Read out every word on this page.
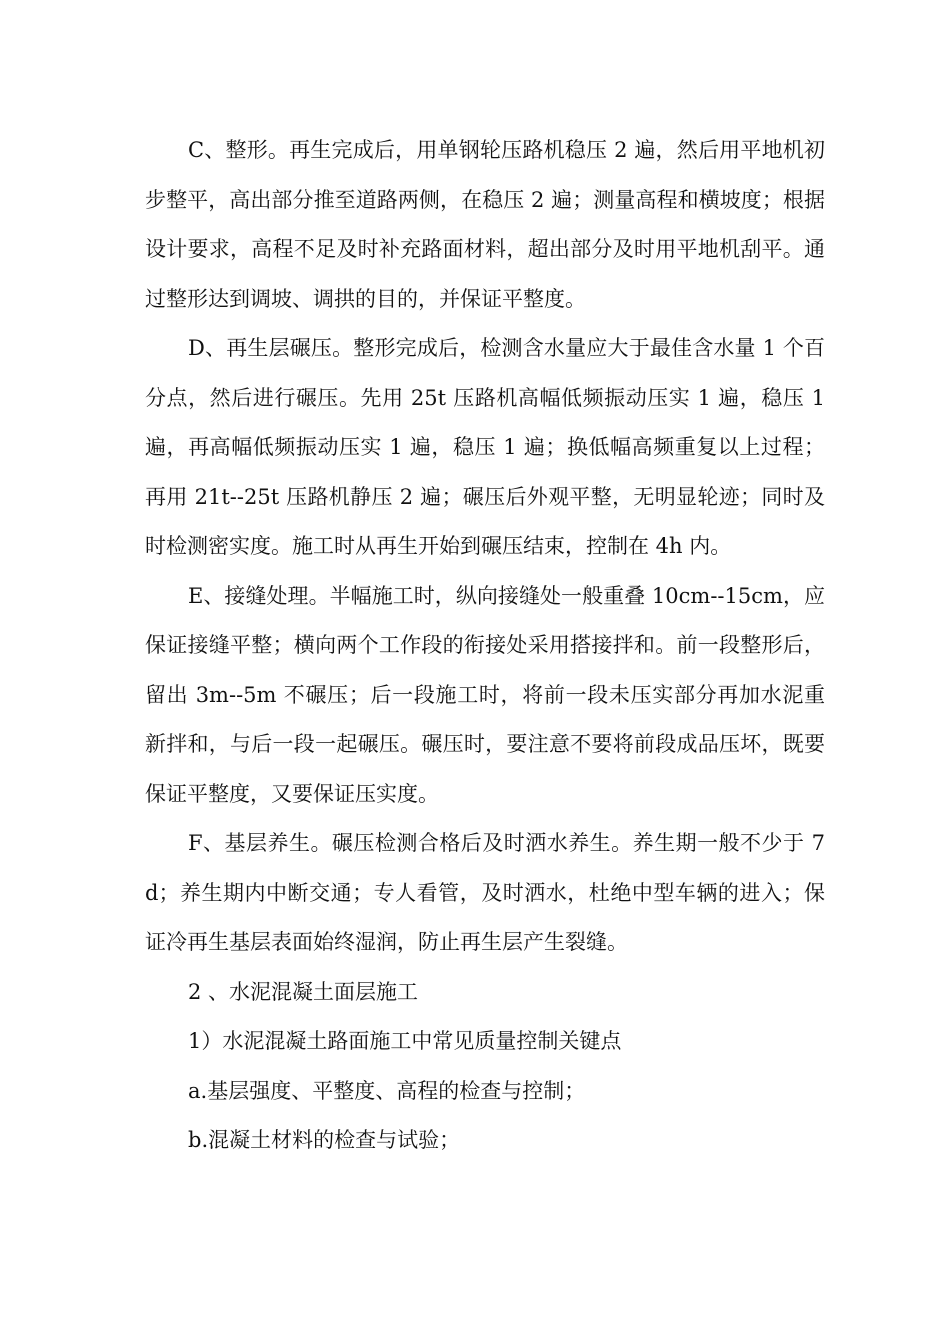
C、整形。再生完成后，用单钢轮压路机稳压 2 遍，然后用平地机初步整平，高出部分推至道路两侧，在稳压 2 遍；测量高程和横坡度；根据设计要求，高程不足及时补充路面材料，超出部分及时用平地机刮平。通过整形达到调坡、调拱的目的，并保证平整度。

D、再生层碾压。整形完成后，检测含水量应大于最佳含水量 1 个百分点，然后进行碾压。先用 25t 压路机高幅低频振动压实 1 遍，稳压 1 遍，再高幅低频振动压实 1 遍，稳压 1 遍；换低幅高频重复以上过程；再用 21t--25t 压路机静压 2 遍；碾压后外观平整，无明显轮迹；同时及时检测密实度。施工时从再生开始到碾压结束，控制在 4h 内。

E、接缝处理。半幅施工时，纵向接缝处一般重叠 10cm--15cm，应保证接缝平整；横向两个工作段的衔接处采用搭接拌和。前一段整形后，留出 3m--5m 不碾压；后一段施工时，将前一段未压实部分再加水泥重新拌和，与后一段一起碾压。碾压时，要注意不要将前段成品压坏，既要保证平整度，又要保证压实度。

F、基层养生。碾压检测合格后及时洒水养生。养生期一般不少于 7d；养生期内中断交通；专人看管，及时洒水，杜绝中型车辆的进入；保证冷再生基层表面始终湿润，防止再生层产生裂缝。

2 、水泥混凝土面层施工

1）水泥混凝土路面施工中常见质量控制关键点

a.基层强度、平整度、高程的检查与控制；

b.混凝土材料的检查与试验；
